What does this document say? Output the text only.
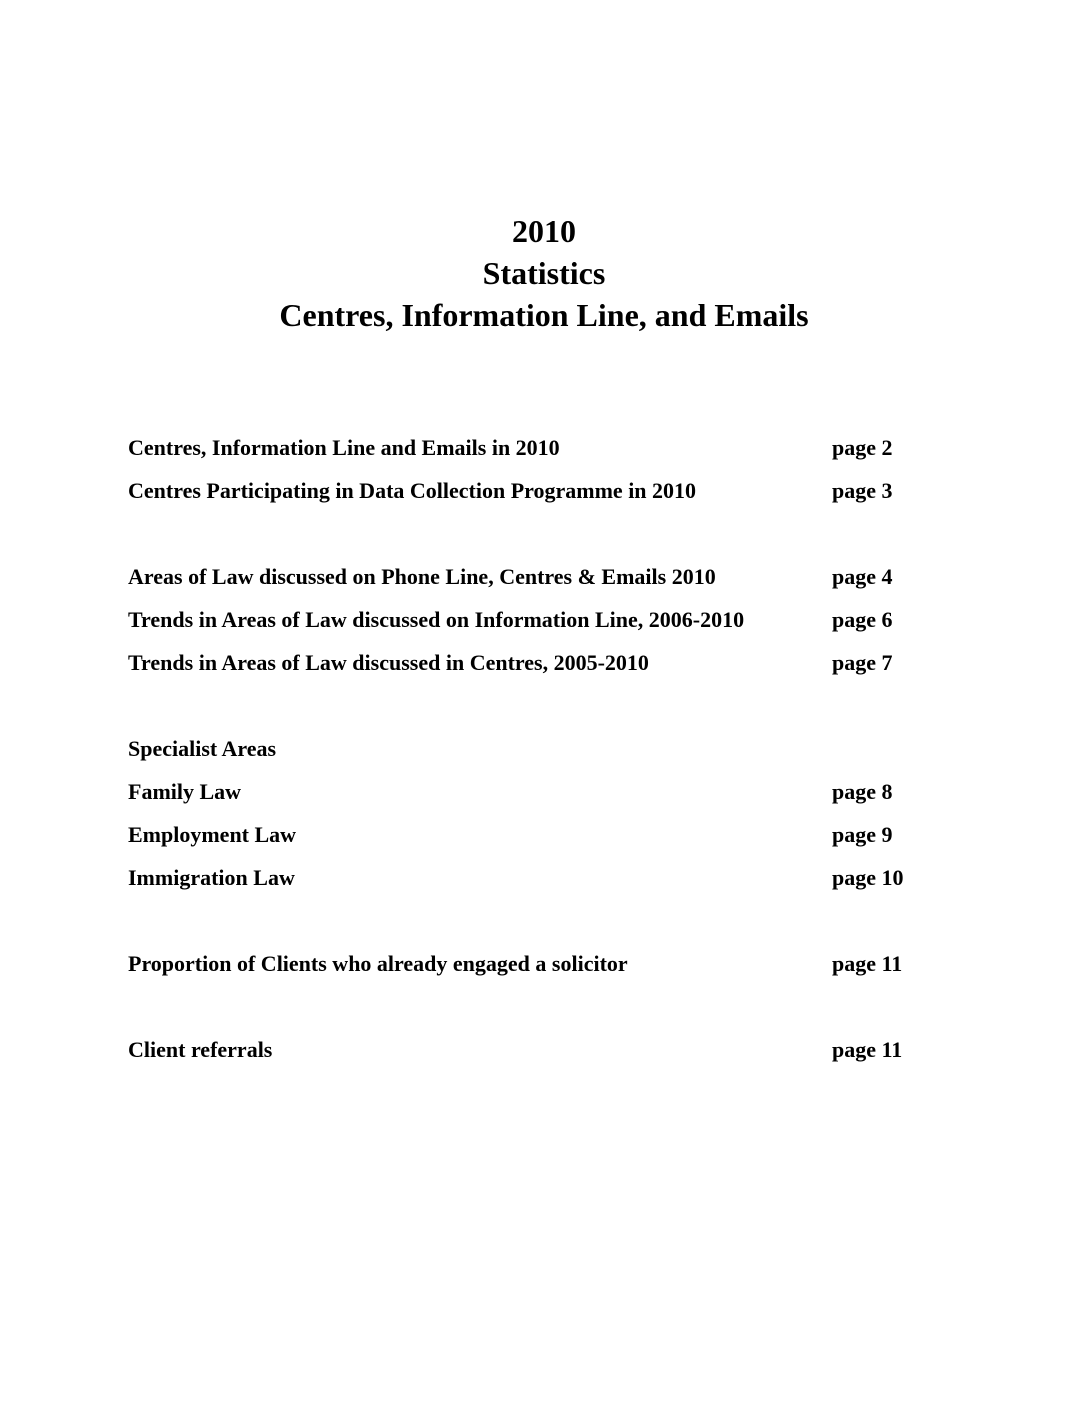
2010
Statistics
Centres, Information Line, and Emails
Centres, Information Line and Emails in 2010	page 2
Centres Participating in Data Collection Programme in 2010	page 3
Areas of Law discussed on Phone Line, Centres & Emails 2010	page 4
Trends in Areas of Law discussed on Information Line, 2006-2010	page 6
Trends in Areas of Law discussed in Centres, 2005-2010	page 7
Specialist Areas
Family Law	page 8
Employment Law	page 9
Immigration Law	page 10
Proportion of Clients who already engaged a solicitor	page 11
Client referrals	page 11
